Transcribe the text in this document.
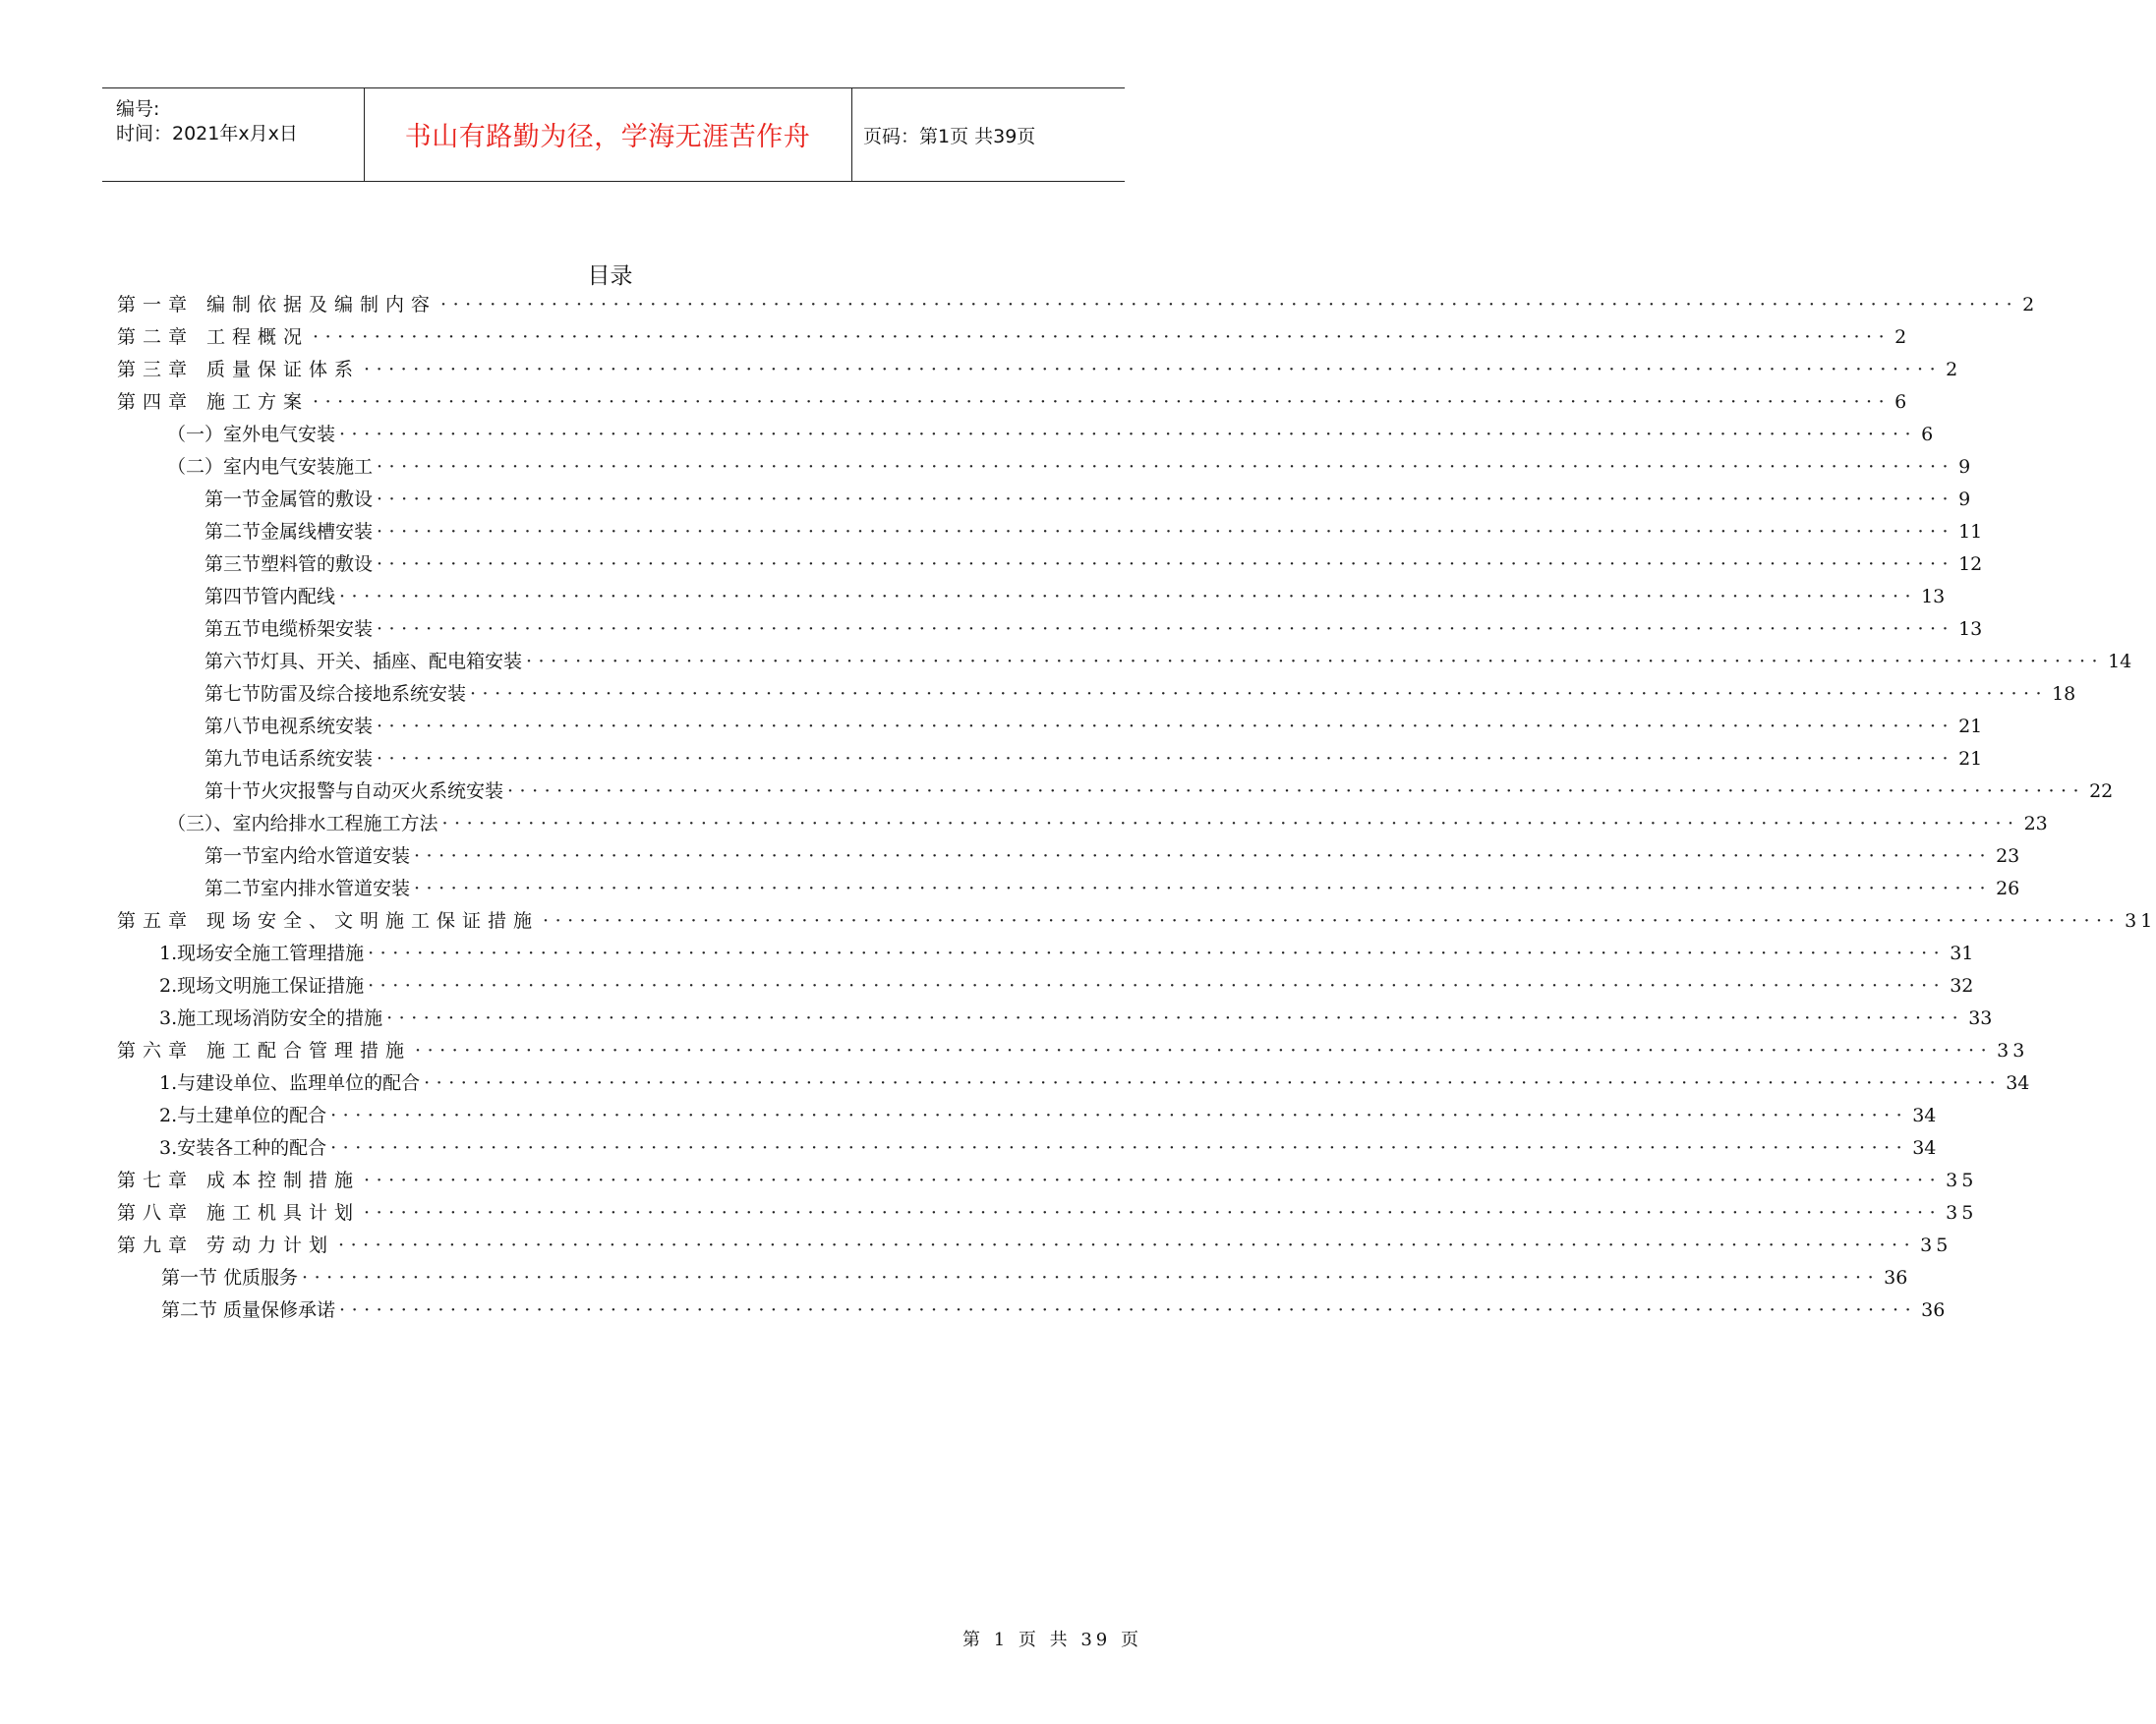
编号:
时间：2021年x月x日	书山有路勤为径，学海无涯苦作舟	页码：第1页 共39页
目录
第一章 编制依据及编制内容 ································································································································ 2
第二章 工程概况 ································································································································ 2
第三章 质量保证体系 ································································································································ 2
第四章 施工方案 ································································································································ 6
（一）室外电气安装 ································································································································ 6
（二）室内电气安装施工 ································································································································ 9
第一节金属管的敷设 ································································································································ 9
第二节金属线槽安装 ································································································································ 11
第三节塑料管的敷设 ································································································································ 12
第四节管内配线 ································································································································ 13
第五节电缆桥架安装 ································································································································ 13
第六节灯具、开关、插座、配电箱安装 ································································································································ 14
第七节防雷及综合接地系统安装 ································································································································ 18
第八节电视系统安装 ································································································································ 21
第九节电话系统安装 ································································································································ 21
第十节火灾报警与自动灭火系统安装 ································································································································ 22
（三）、室内给排水工程施工方法 ································································································································ 23
第一节室内给水管道安装 ································································································································ 23
第二节室内排水管道安装 ································································································································ 26
第五章 现场安全、文明施工保证措施 ································································································································ 31
1.现场安全施工管理措施 ································································································································ 31
2.现场文明施工保证措施 ································································································································ 32
3.施工现场消防安全的措施 ································································································································ 33
第六章 施工配合管理措施 ································································································································ 33
1.与建设单位、监理单位的配合 ································································································································ 34
2.与土建单位的配合 ································································································································ 34
3.安装各工种的配合 ································································································································ 34
第七章 成本控制措施 ································································································································ 35
第八章 施工机具计划 ································································································································ 35
第九章 劳动力计划 ································································································································ 35
第一节 优质服务 ································································································································ 36
第二节 质量保修承诺 ································································································································ 36
第 1 页 共 39 页
